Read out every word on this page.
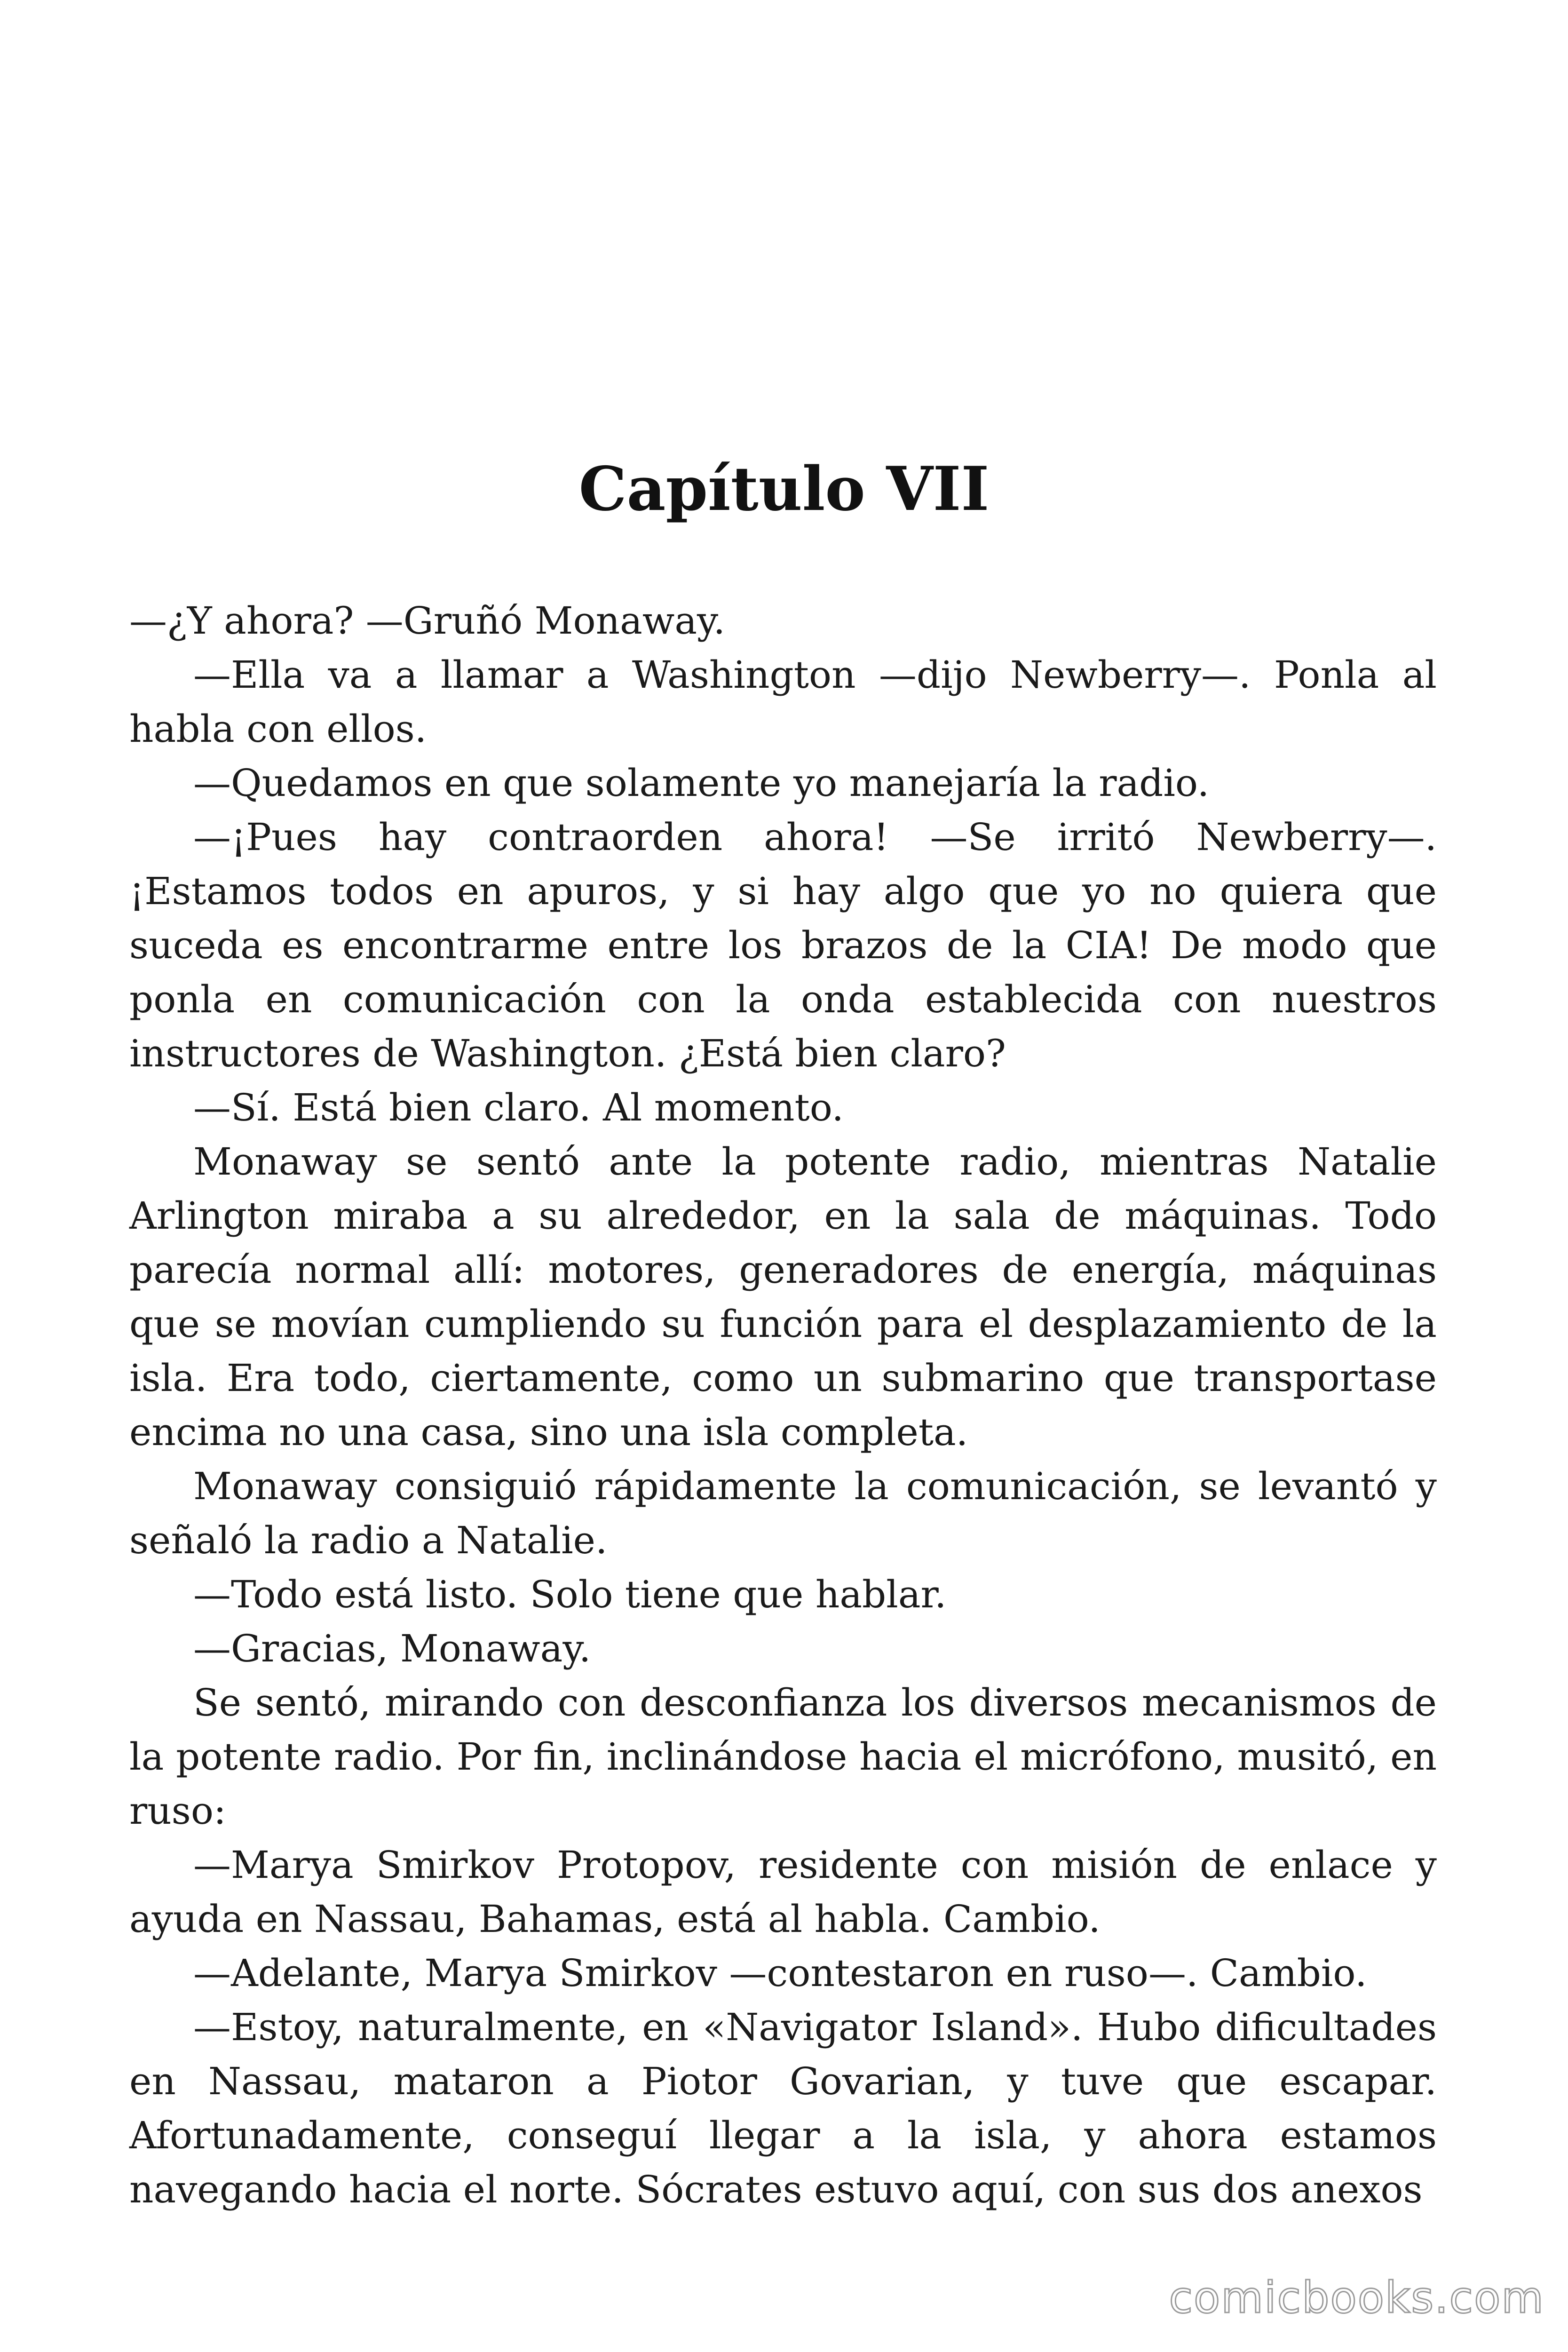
Capítulo VII

—¿Y ahora? —Gruñó Monaway.

—Ella va a llamar a Washington —dijo Newberry—. Ponla al habla con ellos.

—Quedamos en que solamente yo manejaría la radio.

—¡Pues hay contraorden ahora! —Se irritó Newberry—. ¡Estamos todos en apuros, y si hay algo que yo no quiera que suceda es encontrarme entre los brazos de la CIA! De modo que ponla en comunicación con la onda establecida con nuestros instructores de Washington. ¿Está bien claro?

—Sí. Está bien claro. Al momento.

Monaway se sentó ante la potente radio, mientras Natalie Arlington miraba a su alrededor, en la sala de máquinas. Todo parecía normal allí: motores, generadores de energía, máquinas que se movían cumpliendo su función para el desplazamiento de la isla. Era todo, ciertamente, como un submarino que transportase encima no una casa, sino una isla completa.

Monaway consiguió rápidamente la comunicación, se levantó y señaló la radio a Natalie.

—Todo está listo. Solo tiene que hablar.

—Gracias, Monaway.

Se sentó, mirando con desconfianza los diversos mecanismos de la potente radio. Por fin, inclinándose hacia el micrófono, musitó, en ruso:

—Marya Smirkov Protopov, residente con misión de enlace y ayuda en Nassau, Bahamas, está al habla. Cambio.

—Adelante, Marya Smirkov —contestaron en ruso—. Cambio.

—Estoy, naturalmente, en «Navigator Island». Hubo dificultades en Nassau, mataron a Piotor Govarian, y tuve que escapar. Afortunadamente, conseguí llegar a la isla, y ahora estamos navegando hacia el norte. Sócrates estuvo aquí, con sus dos anexos

comicbooks.com
